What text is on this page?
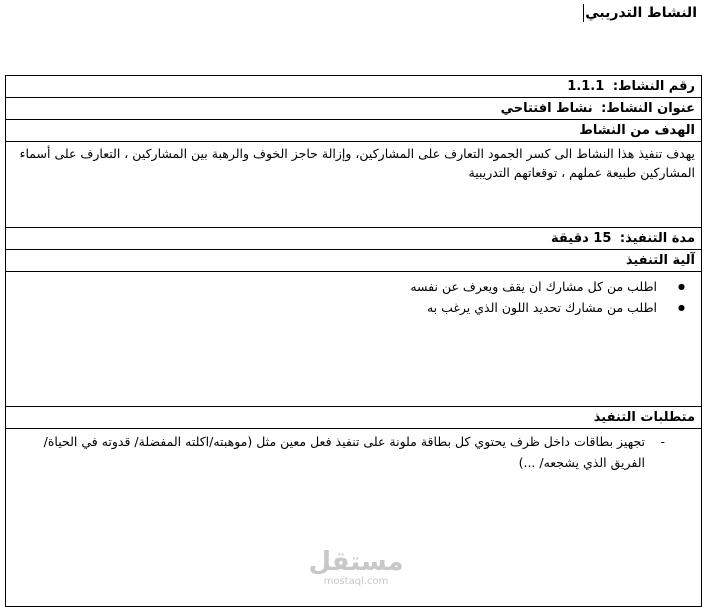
النشاط التدريبي
رقم النشاط: 1.1.1
عنوان النشاط: نشاط افتتاحي
الهدف من النشاط
يهدف تنفيذ هذا النشاط الى كسر الجمود التعارف على المشاركين، وإزالة حاجز الخوف والرهبة بين المشاركين ، التعارف على أسماء المشاركين طبيعة عملهم ، توقعاتهم التدريبية
مدة التنفيذ: 15 دقيقة
آلية التنفيذ
● اطلب من كل مشارك ان يقف ويعرف عن نفسه
● اطلب من مشارك تحديد اللون الذي يرغب به
متطلبات التنفيذ
-
تجهيز بطاقات داخل ظرف يحتوي كل بطاقة ملونة على تنفيذ فعل معين مثل (موهبته/اكلته المفضلة/ قدوته في الحياة/ الفريق الذي يشجعه/ ...)
مستقل
mostaql.com
